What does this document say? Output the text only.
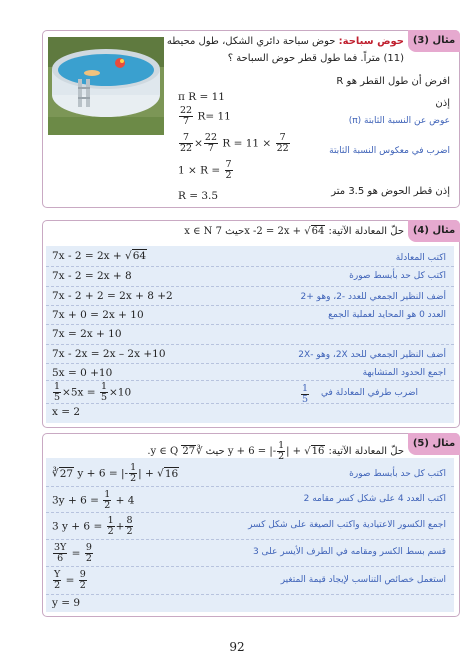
مثال (3)
حوض سباحة: حوض سباحة دائري الشكل، طول محيطه
(11) متراً. فما طول قطر حوض السباحة ؟
افرض أن طول القطر هو R
إذن
عوض عن النسبة الثابتة (π)
اضرب في معكوس النسبة الثابتة
إذن قطر الحوض هو 3.5 متر
π R = 11
$\frac{22}{7} R= 11$
$\frac{7}{22} \times \frac{22}{7}$ $R = 11 \times \frac{7}{22}$
$1 \times R = \frac{7}{2}$
R = 3.5
مثال (4)
حلّ المعادلة الآتية: x ∈ N حيث 7x -2 = 2x + √64
7x - 2 = 2x + √64
7x - 2 = 2x + 8
7x - 2 + 2 = 2x + 8 +2
7x + 0 = 2x + 10
7x = 2x + 10
7x - 2x = 2x – 2x +10
5x = 0 +10
$\frac{1}{5} \times 5x = \frac{1}{5} \times 10$
x = 2
اكتب المعادلة
اكتب كل حد بأبسط صورة
أضف النظير الجمعي للعدد -2، وهو +2
العدد 0 هو المحايد لعملية الجمع
أضف النظير الجمعي للحد 2X، وهو -2X
اجمع الحدود المتشابهة
اضرب طرفي المعادلة في
$\frac{1}{5}$
مثال (5)
حلّ المعادلة الآتية: .y ∈ Q حيث ∛27	y + 6 = |- $\frac{1}{2}$ | + √16
∛27 y + 6 = |- $\frac{1}{2}$ | + √16
$3y + 6 = \frac{1}{2} + 4$
3 $y + 6 = \frac{1}{2} + \frac{8}{2}$
$\frac{3Y}{6} = \frac{9}{2}$
$\frac{Y}{2} = \frac{9}{2}$
y = 9
اكتب كل حد بأبسط صورة
اكتب العدد 4 على شكل كسر مقامه 2
اجمع الكسور الاعتيادية واكتب الصيغة على شكل كسر
قسم بسط الكسر ومقامه في الطرف الأيسر على 3
استعمل خصائص التناسب لإيجاد قيمة المتغير
92
